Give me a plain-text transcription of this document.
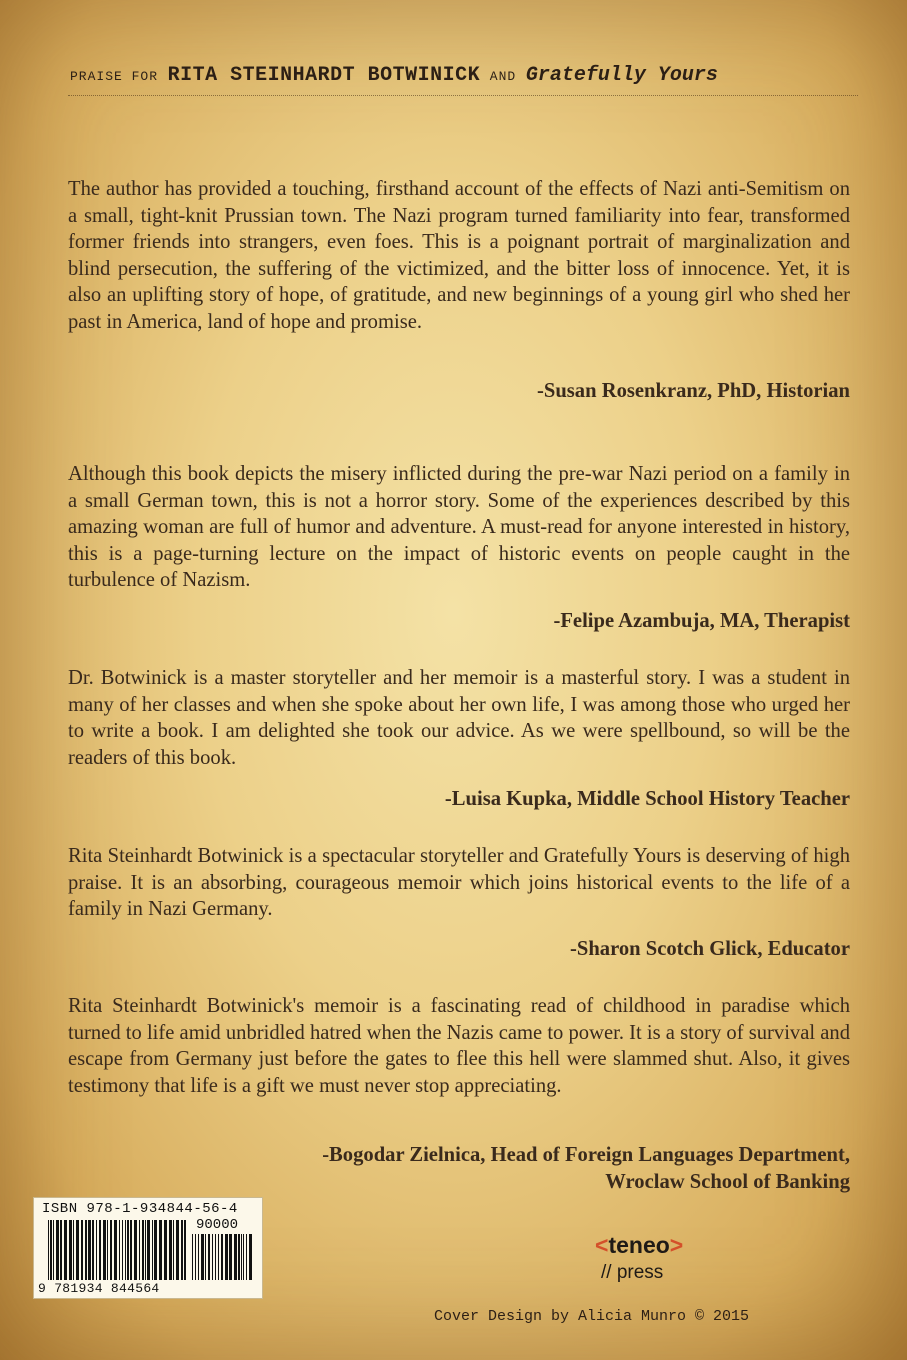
PRAISE FOR RITA STEINHARDT BOTWINICK AND Gratefully Yours
The author has provided a touching, firsthand account of the effects of Nazi anti-Semitism on a small, tight-knit Prussian town. The Nazi program turned familiarity into fear, transformed former friends into strangers, even foes. This is a poignant portrait of marginalization and blind persecution, the suffering of the victimized, and the bitter loss of innocence. Yet, it is also an uplifting story of hope, of gratitude, and new beginnings of a young girl who shed her past in America, land of hope and promise.
-Susan Rosenkranz, PhD, Historian
Although this book depicts the misery inflicted during the pre-war Nazi period on a family in a small German town, this is not a horror story. Some of the experiences described by this amazing woman are full of humor and adventure. A must-read for anyone interested in history, this is a page-turning lecture on the impact of historic events on people caught in the turbulence of Nazism.
-Felipe Azambuja, MA, Therapist
Dr. Botwinick is a master storyteller and her memoir is a masterful story. I was a student in many of her classes and when she spoke about her own life, I was among those who urged her to write a book. I am delighted she took our advice. As we were spellbound, so will be the readers of this book.
-Luisa Kupka, Middle School History Teacher
Rita Steinhardt Botwinick is a spectacular storyteller and Gratefully Yours is deserving of high praise. It is an absorbing, courageous memoir which joins historical events to the life of a family in Nazi Germany.
-Sharon Scotch Glick, Educator
Rita Steinhardt Botwinick's memoir is a fascinating read of childhood in paradise which turned to life amid unbridled hatred when the Nazis came to power. It is a story of survival and escape from Germany just before the gates to flee this hell were slammed shut. Also, it gives testimony that life is a gift we must never stop appreciating.
-Bogodar Zielnica, Head of Foreign Languages Department,
Wroclaw School of Banking
ISBN 978-1-934844-56-4
90000
9 781934 844564
<teneo>
// press
Cover Design by Alicia Munro © 2015
